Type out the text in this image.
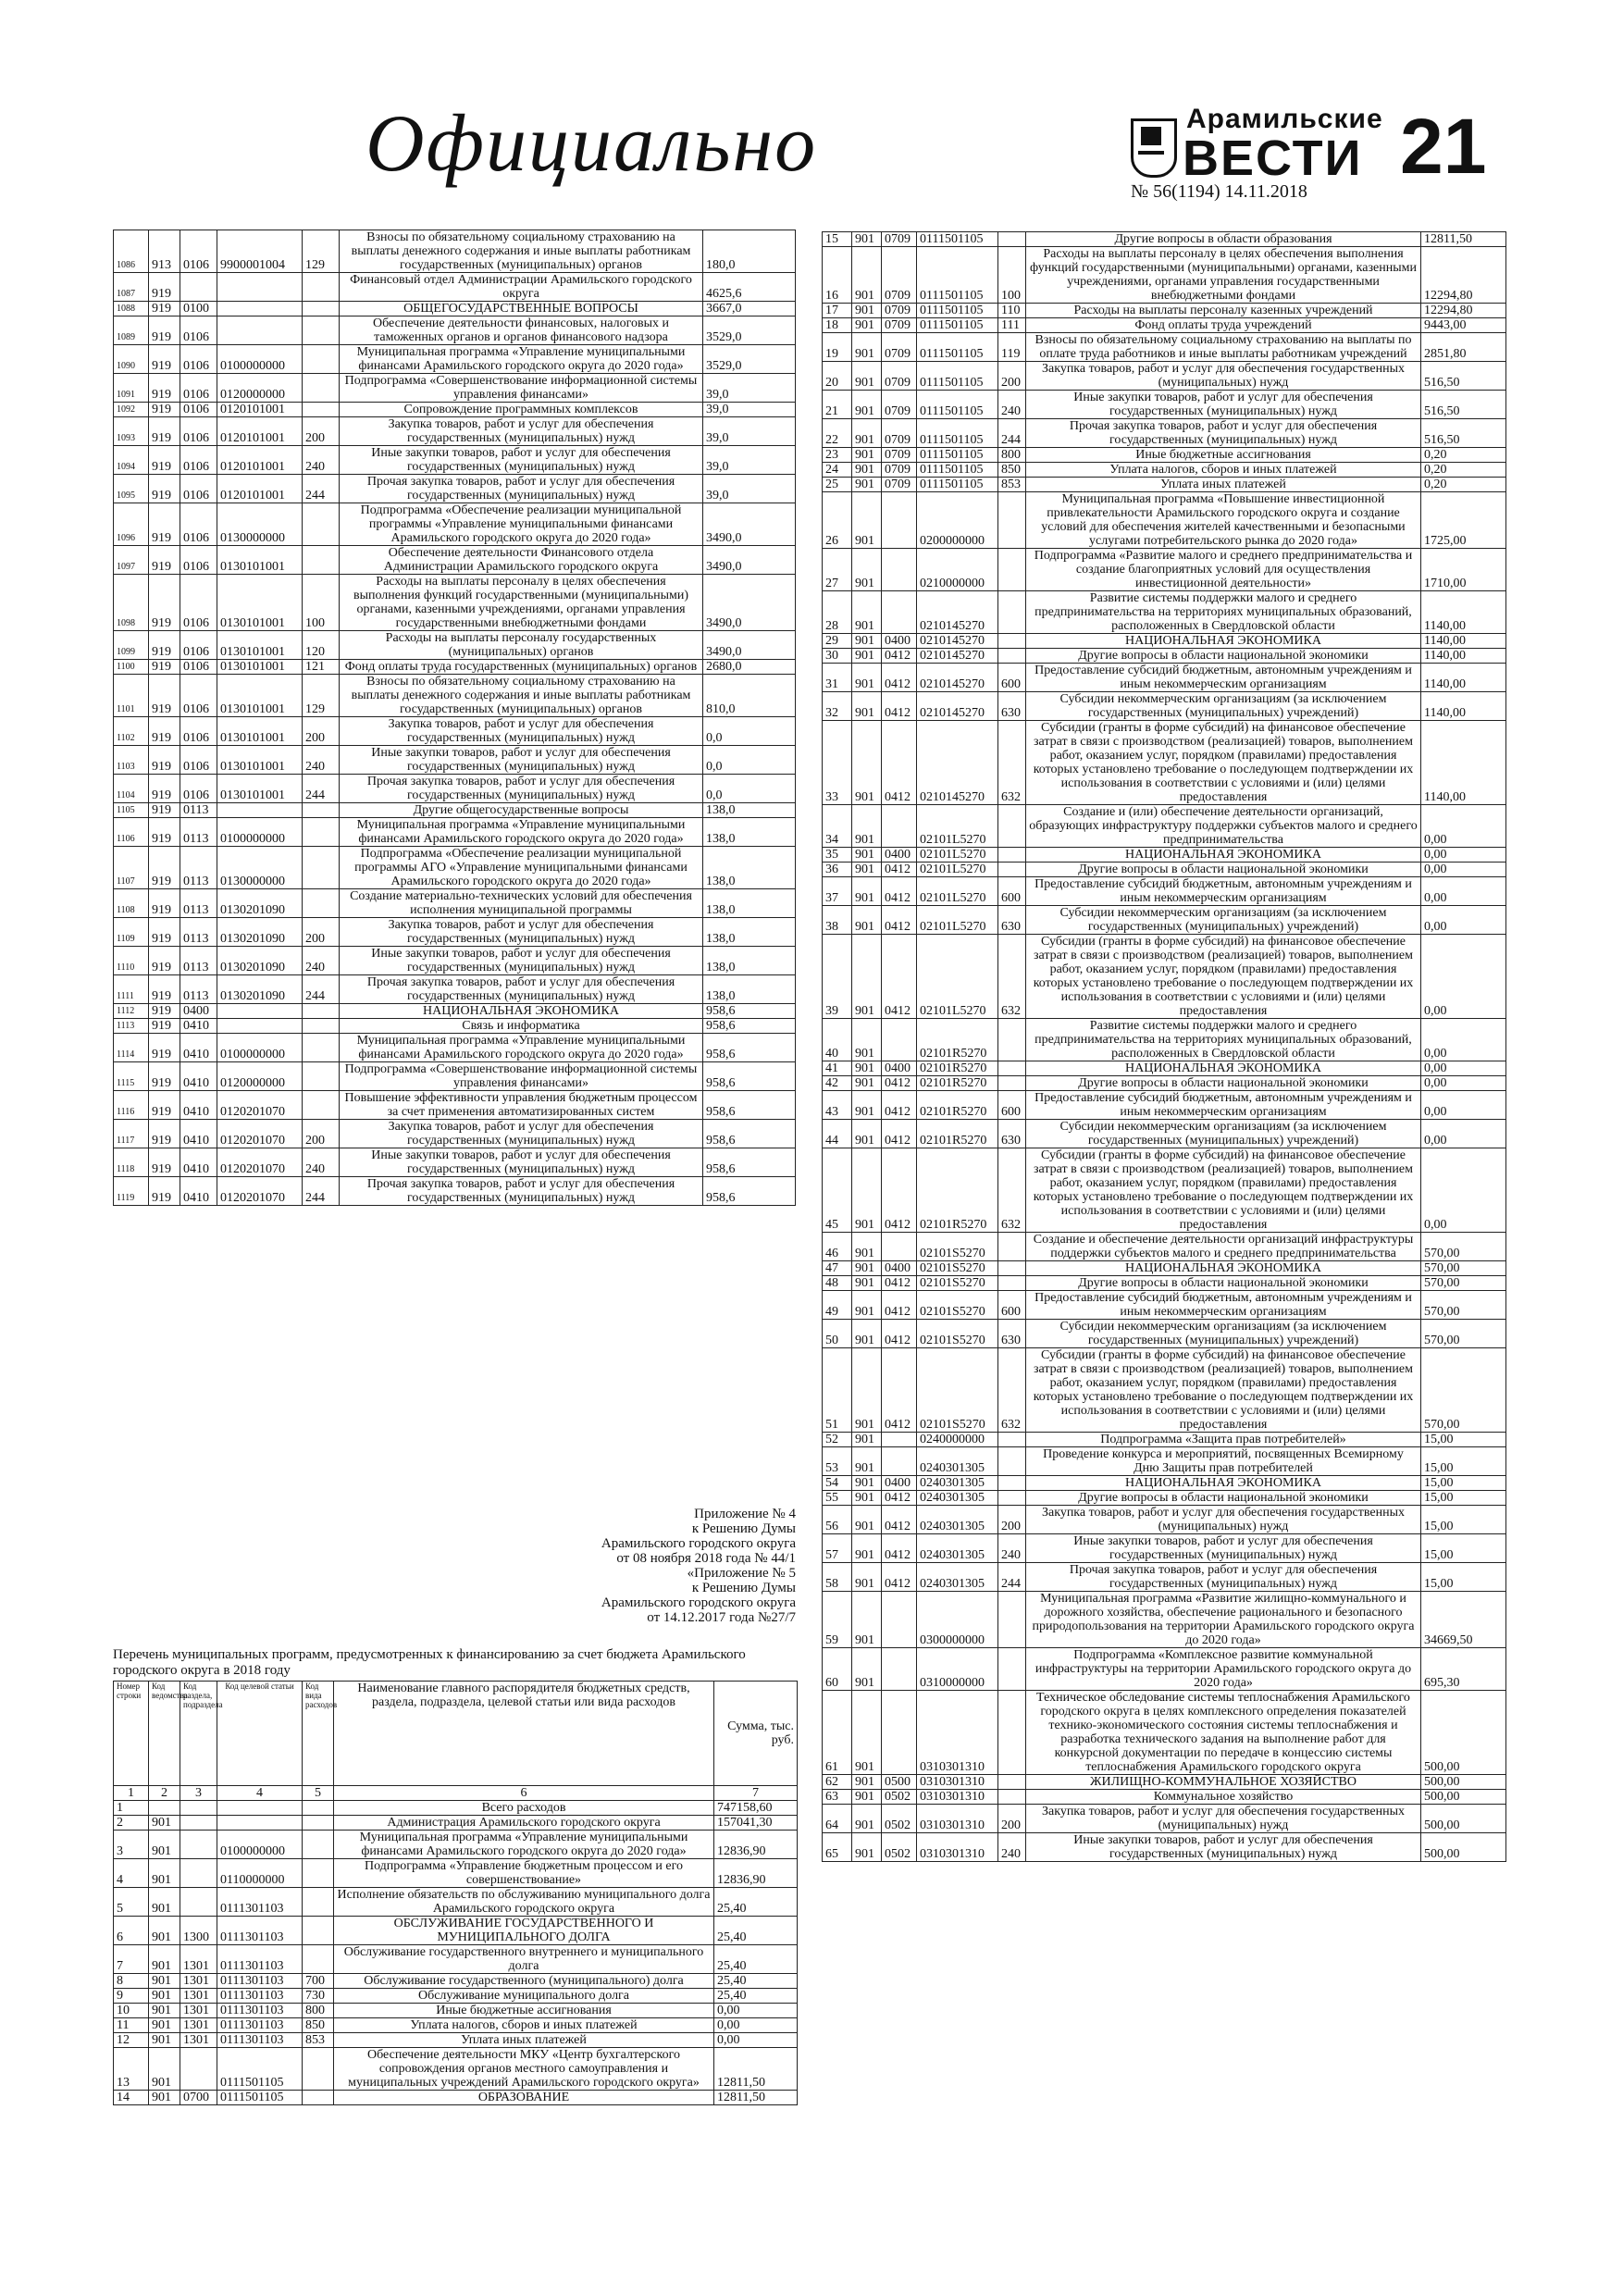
Официально	Арамильские
ВЕСТИ 21
№ 56(1194) 14.11.2018
1086	913	0106	9900001004	129	Взносы по обязательному социальному страхованию на выплаты денежного содержания и иные выплаты работникам государственных (муниципальных) органов	180,0
1087	919				Финансовый отдел Администрации Арамильского городского округа	4625,6
1088	919	0100			ОБЩЕГОСУДАРСТВЕННЫЕ ВОПРОСЫ	3667,0
1089	919	0106			Обеспечение деятельности финансовых, налоговых и таможенных органов и органов финансового надзора	3529,0
1090	919	0106	0100000000		Муниципальная программа «Управление муниципальными финансами Арамильского городского округа до 2020 года»	3529,0
1091	919	0106	0120000000		Подпрограмма «Совершенствование информационной системы управления финансами»	39,0
1092	919	0106	0120101001		Сопровождение программных комплексов	39,0
1093	919	0106	0120101001	200	Закупка товаров, работ и услуг для обеспечения государственных (муниципальных) нужд	39,0
1094	919	0106	0120101001	240	Иные закупки товаров, работ и услуг для обеспечения государственных (муниципальных) нужд	39,0
1095	919	0106	0120101001	244	Прочая закупка товаров, работ и услуг для обеспечения государственных (муниципальных) нужд	39,0
1096	919	0106	0130000000		Подпрограмма «Обеспечение реализации муниципальной программы «Управление муниципальными финансами Арамильского городского округа до 2020 года»	3490,0
1097	919	0106	0130101001		Обеспечение деятельности Финансового отдела Администрации Арамильского городского округа	3490,0
1098	919	0106	0130101001	100	Расходы на выплаты персоналу в целях обеспечения выполнения функций государственными (муниципальными) органами, казенными учреждениями, органами управления государственными внебюджетными фондами	3490,0
1099	919	0106	0130101001	120	Расходы на выплаты персоналу государственных (муниципальных) органов	3490,0
1100	919	0106	0130101001	121	Фонд оплаты труда государственных (муниципальных) органов	2680,0
1101	919	0106	0130101001	129	Взносы по обязательному социальному страхованию на выплаты денежного содержания и иные выплаты работникам государственных (муниципальных) органов	810,0
1102	919	0106	0130101001	200	Закупка товаров, работ и услуг для обеспечения государственных (муниципальных) нужд	0,0
1103	919	0106	0130101001	240	Иные закупки товаров, работ и услуг для обеспечения государственных (муниципальных) нужд	0,0
1104	919	0106	0130101001	244	Прочая закупка товаров, работ и услуг для обеспечения государственных (муниципальных) нужд	0,0
1105	919	0113			Другие общегосударственные вопросы	138,0
1106	919	0113	0100000000		Муниципальная программа «Управление муниципальными финансами Арамильского городского округа до 2020 года»	138,0
1107	919	0113	0130000000		Подпрограмма «Обеспечение реализации муниципальной программы АГО «Управление муниципальными финансами Арамильского городского округа до 2020 года»	138,0
1108	919	0113	0130201090		Создание материально-технических условий для обеспечения исполнения муниципальной программы	138,0
1109	919	0113	0130201090	200	Закупка товаров, работ и услуг для обеспечения государственных (муниципальных) нужд	138,0
1110	919	0113	0130201090	240	Иные закупки товаров, работ и услуг для обеспечения государственных (муниципальных) нужд	138,0
1111	919	0113	0130201090	244	Прочая закупка товаров, работ и услуг для обеспечения государственных (муниципальных) нужд	138,0
1112	919	0400			НАЦИОНАЛЬНАЯ ЭКОНОМИКА	958,6
1113	919	0410			Связь и информатика	958,6
1114	919	0410	0100000000		Муниципальная программа «Управление муниципальными финансами Арамильского городского округа до 2020 года»	958,6
1115	919	0410	0120000000		Подпрограмма «Совершенствование информационной системы управления финансами»	958,6
1116	919	0410	0120201070		Повышение эффективности управления бюджетным процессом за счет применения автоматизированных систем	958,6
1117	919	0410	0120201070	200	Закупка товаров, работ и услуг для обеспечения государственных (муниципальных) нужд	958,6
1118	919	0410	0120201070	240	Иные закупки товаров, работ и услуг для обеспечения государственных (муниципальных) нужд	958,6
1119	919	0410	0120201070	244	Прочая закупка товаров, работ и услуг для обеспечения государственных (муниципальных) нужд	958,6
Приложение № 4
к Решению Думы
Арамильского городского округа
от 08 ноября 2018 года № 44/1
«Приложение № 5
к Решению Думы
Арамильского городского округа
от 14.12.2017 года №27/7
Перечень муниципальных программ, предусмотренных к финансированию за счет бюджета Арамильского городского округа в 2018 году
Номер строки	Код ведомства	Код раздела, подраздела	Код целевой статьи	Код вида расходов	Наименование главного распорядителя бюджетных средств, раздела, подраздела, целевой статьи или вида расходов	Сумма, тыс. руб.
1	2	3	4	5	6	7
1					Всего расходов	747158,60
2	901				Администрация Арамильского городского округа	157041,30
3	901		0100000000		Муниципальная программа «Управление муниципальными финансами Арамильского городского округа до 2020 года»	12836,90
4	901		0110000000		Подпрограмма «Управление бюджетным процессом и его совершенствование»	12836,90
5	901		0111301103		Исполнение обязательств по обслуживанию муниципального долга Арамильского городского округа	25,40
6	901	1300	0111301103		ОБСЛУЖИВАНИЕ ГОСУДАРСТВЕННОГО И МУНИЦИПАЛЬНОГО ДОЛГА	25,40
7	901	1301	0111301103		Обслуживание государственного внутреннего и муниципального долга	25,40
8	901	1301	0111301103	700	Обслуживание государственного (муниципального) долга	25,40
9	901	1301	0111301103	730	Обслуживание муниципального долга	25,40
10	901	1301	0111301103	800	Иные бюджетные ассигнования	0,00
11	901	1301	0111301103	850	Уплата налогов, сборов и иных платежей	0,00
12	901	1301	0111301103	853	Уплата иных платежей	0,00
13	901		0111501105		Обеспечение деятельности МКУ «Центр бухгалтерского сопровождения органов местного самоуправления и муниципальных учреждений Арамильского городского округа»	12811,50
14	901	0700	0111501105		ОБРАЗОВАНИЕ	12811,50
15	901	0709	0111501105		Другие вопросы в области образования	12811,50
16	901	0709	0111501105	100	Расходы на выплаты персоналу в целях обеспечения выполнения функций государственными (муниципальными) органами, казенными учреждениями, органами управления государственными внебюджетными фондами	12294,80
17	901	0709	0111501105	110	Расходы на выплаты персоналу казенных учреждений	12294,80
18	901	0709	0111501105	111	Фонд оплаты труда учреждений	9443,00
19	901	0709	0111501105	119	Взносы по обязательному социальному страхованию на выплаты по оплате труда работников и иные выплаты работникам учреждений	2851,80
20	901	0709	0111501105	200	Закупка товаров, работ и услуг для обеспечения государственных (муниципальных) нужд	516,50
21	901	0709	0111501105	240	Иные закупки товаров, работ и услуг для обеспечения государственных (муниципальных) нужд	516,50
22	901	0709	0111501105	244	Прочая закупка товаров, работ и услуг для обеспечения государственных (муниципальных) нужд	516,50
23	901	0709	0111501105	800	Иные бюджетные ассигнования	0,20
24	901	0709	0111501105	850	Уплата налогов, сборов и иных платежей	0,20
25	901	0709	0111501105	853	Уплата иных платежей	0,20
26	901		0200000000		Муниципальная программа «Повышение инвестиционной привлекательности Арамильского городского округа и создание условий для обеспечения жителей качественными и безопасными услугами потребительского рынка до 2020 года»	1725,00
27	901		0210000000		Подпрограмма «Развитие малого и среднего предпринимательства и создание благоприятных условий для осуществления инвестиционной деятельности»	1710,00
28	901		0210145270		Развитие системы поддержки малого и среднего предпринимательства на территориях муниципальных образований, расположенных в Свердловской области	1140,00
29	901	0400	0210145270		НАЦИОНАЛЬНАЯ ЭКОНОМИКА	1140,00
30	901	0412	0210145270		Другие вопросы в области национальной экономики	1140,00
31	901	0412	0210145270	600	Предоставление субсидий бюджетным, автономным учреждениям и иным некоммерческим организациям	1140,00
32	901	0412	0210145270	630	Субсидии некоммерческим организациям (за исключением государственных (муниципальных) учреждений)	1140,00
33	901	0412	0210145270	632	Субсидии (гранты в форме субсидий) на финансовое обеспечение затрат в связи с производством (реализацией) товаров, выполнением работ, оказанием услуг, порядком (правилами) предоставления которых установлено требование о последующем подтверждении их использования в соответствии с условиями и (или) целями предоставления	1140,00
34	901		02101L5270		Создание и (или) обеспечение деятельности организаций, образующих инфраструктуру поддержки субъектов малого и среднего предпринимательства	0,00
35	901	0400	02101L5270		НАЦИОНАЛЬНАЯ ЭКОНОМИКА	0,00
36	901	0412	02101L5270		Другие вопросы в области национальной экономики	0,00
37	901	0412	02101L5270	600	Предоставление субсидий бюджетным, автономным учреждениям и иным некоммерческим организациям	0,00
38	901	0412	02101L5270	630	Субсидии некоммерческим организациям (за исключением государственных (муниципальных) учреждений)	0,00
39	901	0412	02101L5270	632	Субсидии (гранты в форме субсидий) на финансовое обеспечение затрат в связи с производством (реализацией) товаров, выполнением работ, оказанием услуг, порядком (правилами) предоставления которых установлено требование о последующем подтверждении их использования в соответствии с условиями и (или) целями предоставления	0,00
40	901		02101R5270		Развитие системы поддержки малого и среднего предпринимательства на территориях муниципальных образований, расположенных в Свердловской области	0,00
41	901	0400	02101R5270		НАЦИОНАЛЬНАЯ ЭКОНОМИКА	0,00
42	901	0412	02101R5270		Другие вопросы в области национальной экономики	0,00
43	901	0412	02101R5270	600	Предоставление субсидий бюджетным, автономным учреждениям и иным некоммерческим организациям	0,00
44	901	0412	02101R5270	630	Субсидии некоммерческим организациям (за исключением государственных (муниципальных) учреждений)	0,00
45	901	0412	02101R5270	632	Субсидии (гранты в форме субсидий) на финансовое обеспечение затрат в связи с производством (реализацией) товаров, выполнением работ, оказанием услуг, порядком (правилами) предоставления которых установлено требование о последующем подтверждении их использования в соответствии с условиями и (или) целями предоставления	0,00
46	901		02101S5270		Создание и обеспечение деятельности организаций инфраструктуры поддержки субъектов малого и среднего предпринимательства	570,00
47	901	0400	02101S5270		НАЦИОНАЛЬНАЯ ЭКОНОМИКА	570,00
48	901	0412	02101S5270		Другие вопросы в области национальной экономики	570,00
49	901	0412	02101S5270	600	Предоставление субсидий бюджетным, автономным учреждениям и иным некоммерческим организациям	570,00
50	901	0412	02101S5270	630	Субсидии некоммерческим организациям (за исключением государственных (муниципальных) учреждений)	570,00
51	901	0412	02101S5270	632	Субсидии (гранты в форме субсидий) на финансовое обеспечение затрат в связи с производством (реализацией) товаров, выполнением работ, оказанием услуг, порядком (правилами) предоставления которых установлено требование о последующем подтверждении их использования в соответствии с условиями и (или) целями предоставления	570,00
52	901		0240000000		Подпрограмма «Защита прав потребителей»	15,00
53	901		0240301305		Проведение конкурса и мероприятий, посвященных Всемирному Дню Защиты прав потребителей	15,00
54	901	0400	0240301305		НАЦИОНАЛЬНАЯ ЭКОНОМИКА	15,00
55	901	0412	0240301305		Другие вопросы в области национальной экономики	15,00
56	901	0412	0240301305	200	Закупка товаров, работ и услуг для обеспечения государственных (муниципальных) нужд	15,00
57	901	0412	0240301305	240	Иные закупки товаров, работ и услуг для обеспечения государственных (муниципальных) нужд	15,00
58	901	0412	0240301305	244	Прочая закупка товаров, работ и услуг для обеспечения государственных (муниципальных) нужд	15,00
59	901		0300000000		Муниципальная программа «Развитие жилищно-коммунального и дорожного хозяйства, обеспечение рационального и безопасного природопользования на территории Арамильского городского округа до 2020 года»	34669,50
60	901		0310000000		Подпрограмма «Комплексное развитие коммунальной инфраструктуры на территории Арамильского городского округа до 2020 года»	695,30
61	901		0310301310		Техническое обследование системы теплоснабжения Арамильского городского округа в целях комплексного определения показателей технико-экономического состояния системы теплоснабжения и разработка технического задания на выполнение работ для конкурсной документации по передаче в концессию системы теплоснабжения Арамильского городского округа	500,00
62	901	0500	0310301310		ЖИЛИЩНО-КОММУНАЛЬНОЕ ХОЗЯЙСТВО	500,00
63	901	0502	0310301310		Коммунальное хозяйство	500,00
64	901	0502	0310301310	200	Закупка товаров, работ и услуг для обеспечения государственных (муниципальных) нужд	500,00
65	901	0502	0310301310	240	Иные закупки товаров, работ и услуг для обеспечения государственных (муниципальных) нужд	500,00
